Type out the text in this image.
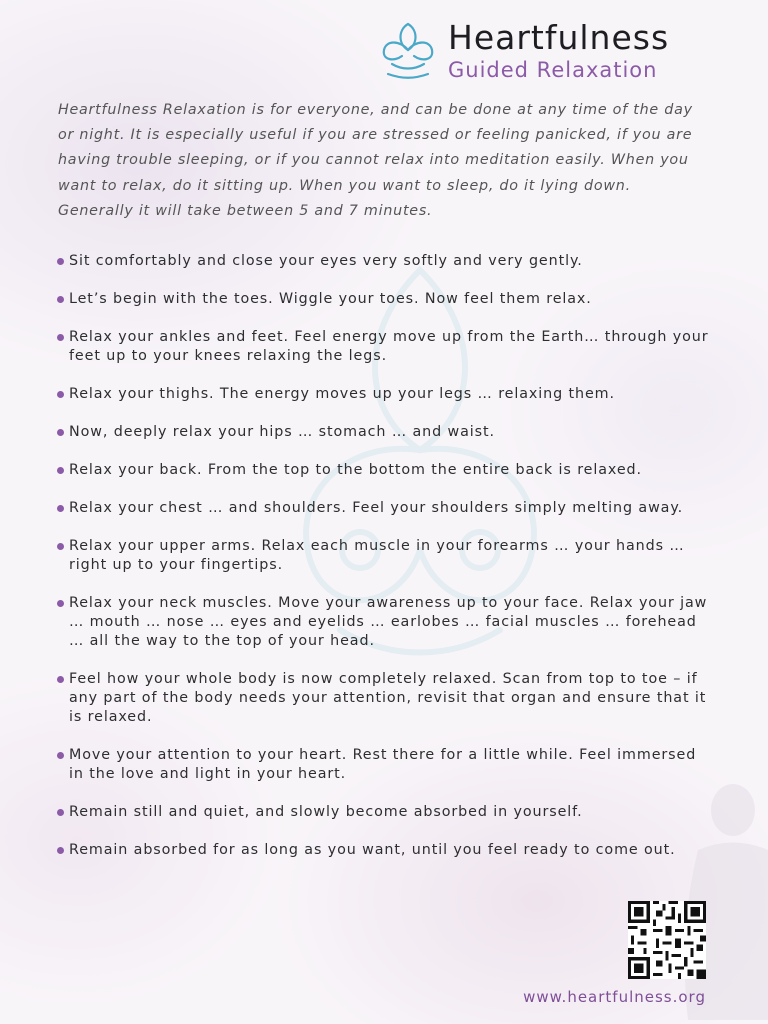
Heartfulness
Guided Relaxation
Heartfulness Relaxation is for everyone, and can be done at any time of the day or night. It is especially useful if you are stressed or feeling panicked, if you are having trouble sleeping, or if you cannot relax into meditation easily. When you want to relax, do it sitting up. When you want to sleep, do it lying down. Generally it will take between 5 and 7 minutes.
Sit comfortably and close your eyes very softly and very gently.
Let’s begin with the toes. Wiggle your toes. Now feel them relax.
Relax your ankles and feet. Feel energy move up from the Earth… through your feet up to your knees relaxing the legs.
Relax your thighs. The energy moves up your legs … relaxing them.
Now, deeply relax your hips … stomach … and waist.
Relax your back. From the top to the bottom the entire back is relaxed.
Relax your chest … and shoulders. Feel your shoulders simply melting away.
Relax your upper arms. Relax each muscle in your forearms … your hands … right up to your fingertips.
Relax your neck muscles. Move your awareness up to your face. Relax your jaw … mouth … nose … eyes and eyelids … earlobes … facial muscles … forehead … all the way to the top of your head.
Feel how your whole body is now completely relaxed. Scan from top to toe – if any part of the body needs your attention, revisit that organ and ensure that it is relaxed.
Move your attention to your heart. Rest there for a little while. Feel immersed in the love and light in your heart.
Remain still and quiet, and slowly become absorbed in yourself.
Remain absorbed for as long as you want, until you feel ready to come out.
www.heartfulness.org
